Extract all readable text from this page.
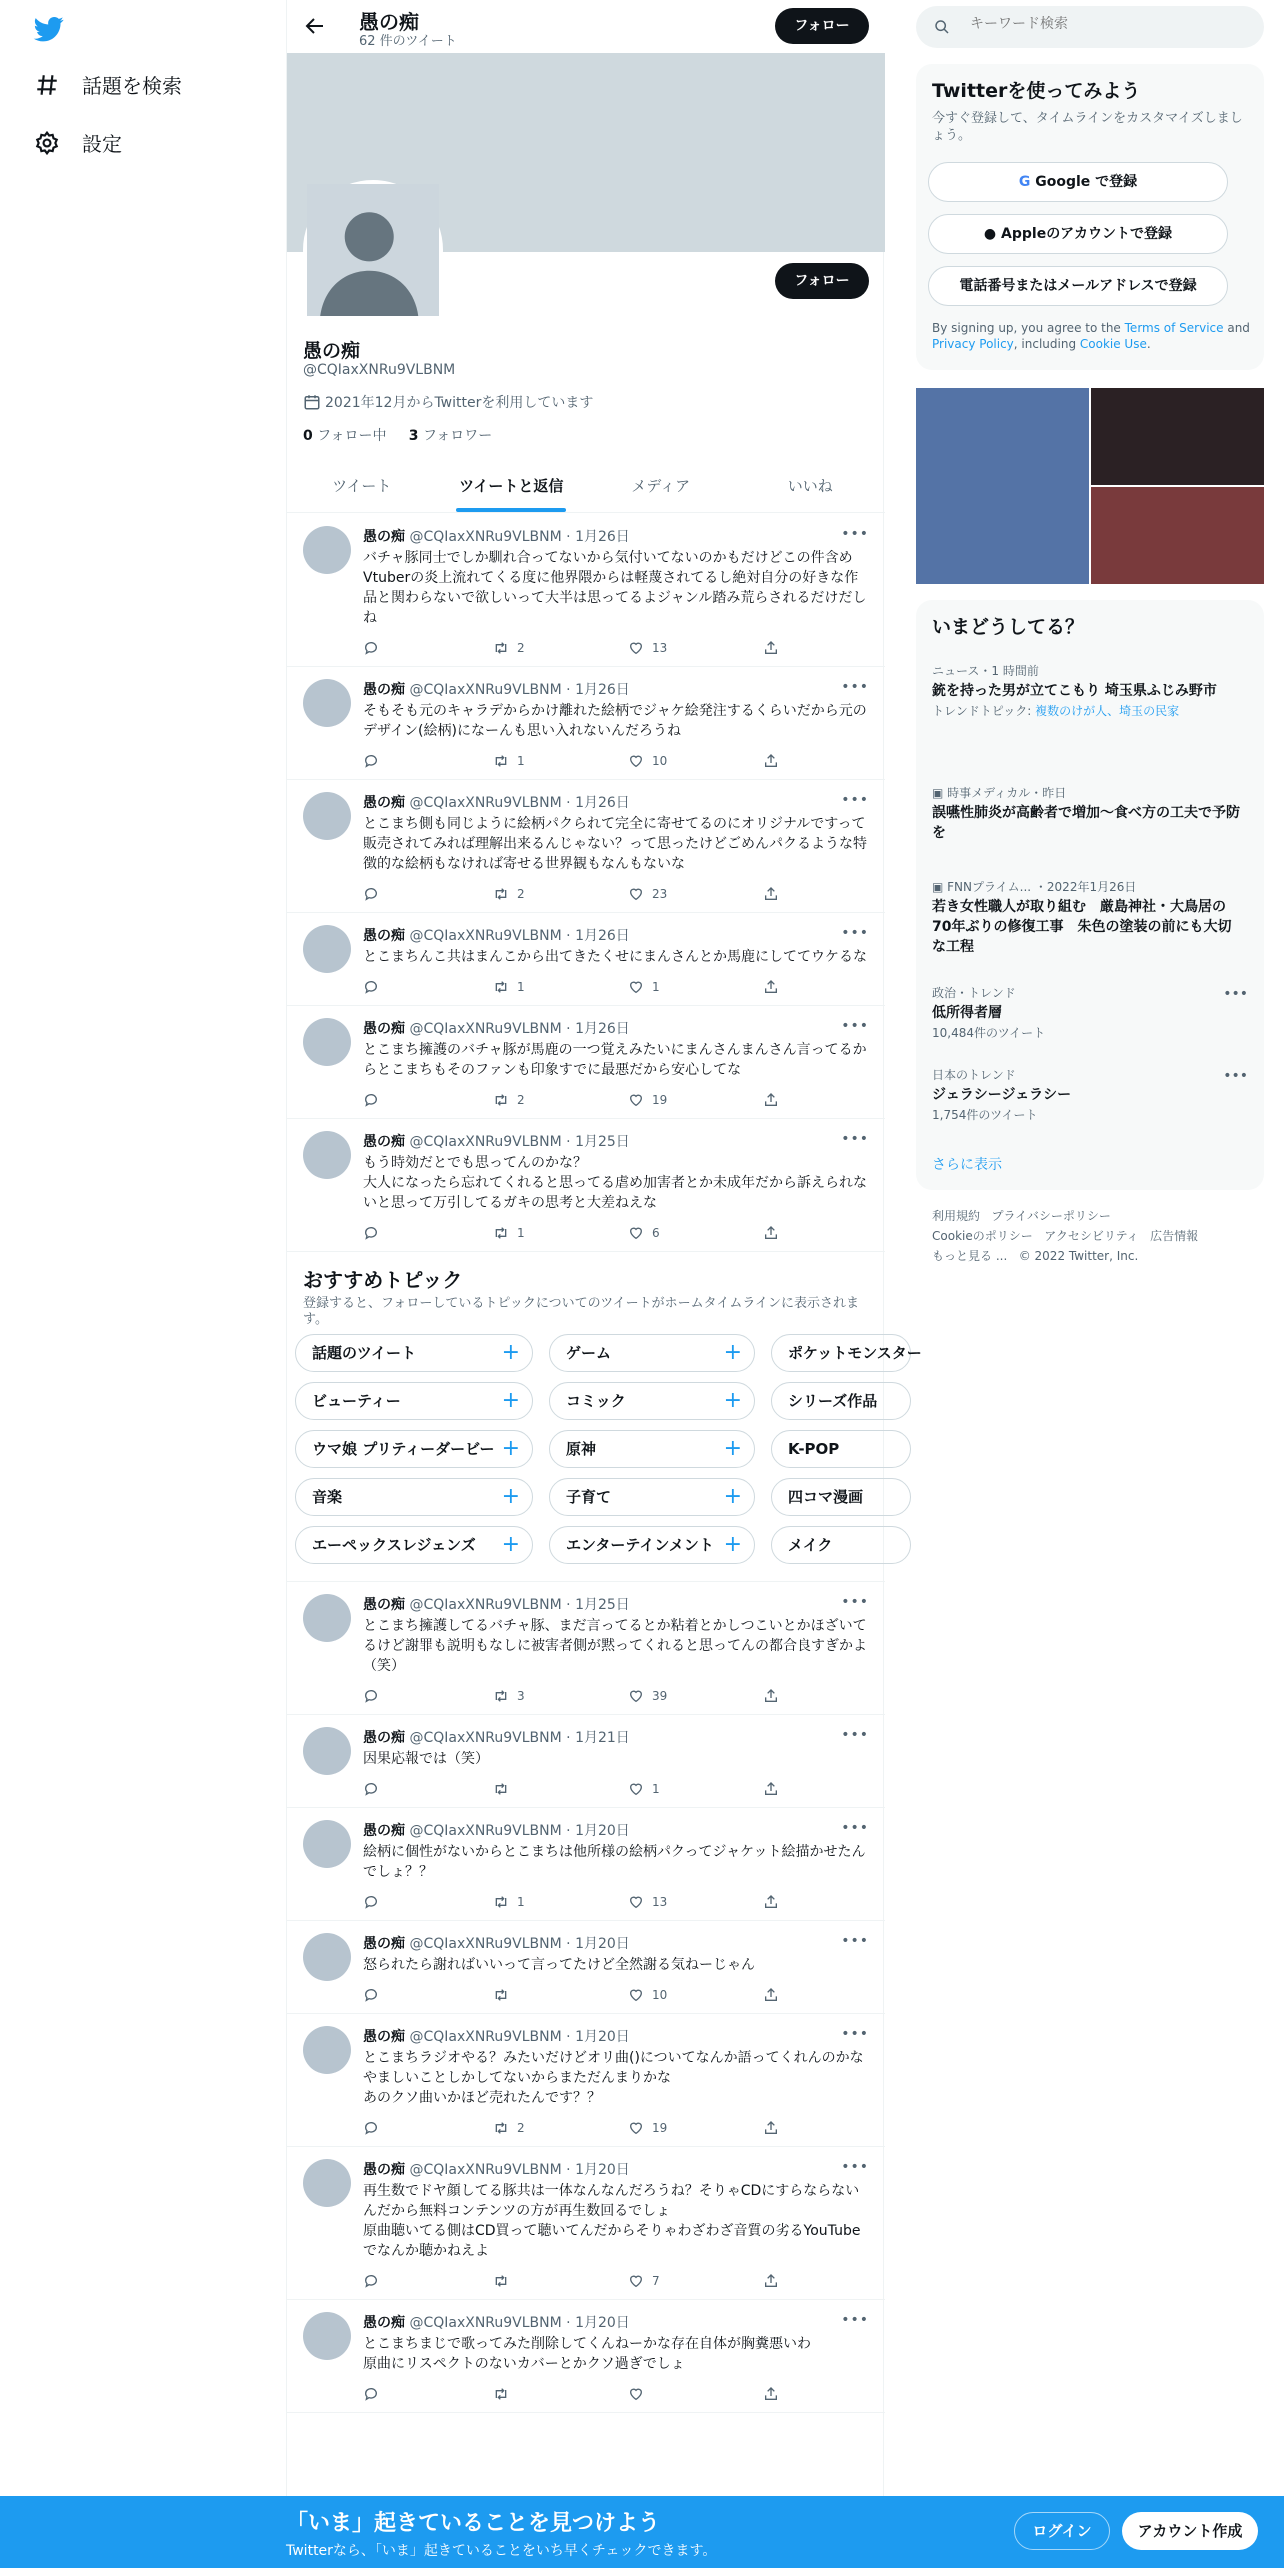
話題を検索
設定
愚の痴
62 件のツイート
フォロー
フォロー
愚の痴
@CQIaxXNRu9VLBNM
2021年12月からTwitterを利用しています
0 フォロー中 3 フォロワー
ツイート	ツイートと返信	メディア	いいね
•••
愚の痴 @CQIaxXNRu9VLBNM · 1月26日
バチャ豚同士でしか馴れ合ってないから気付いてないのかもだけどこの件含めVtuberの炎上流れてくる度に他界隈からは軽蔑されてるし絶対自分の好きな作品と関わらないで欲しいって大半は思ってるよジャンル踏み荒らされるだけだしね
2	13
•••
愚の痴 @CQIaxXNRu9VLBNM · 1月26日
そもそも元のキャラデからかけ離れた絵柄でジャケ絵発注するくらいだから元のデザイン(絵柄)になーんも思い入れないんだろうね
1	10
•••
愚の痴 @CQIaxXNRu9VLBNM · 1月26日
とこまち側も同じように絵柄パクられて完全に寄せてるのにオリジナルですって販売されてみれば理解出来るんじゃない？って思ったけどごめんパクるような特徴的な絵柄もなければ寄せる世界観もなんもないな
2	23
•••
愚の痴 @CQIaxXNRu9VLBNM · 1月26日
とこまちんこ共はまんこから出てきたくせにまんさんとか馬鹿にしててウケるな
1	1
•••
愚の痴 @CQIaxXNRu9VLBNM · 1月26日
とこまち擁護のバチャ豚が馬鹿の一つ覚えみたいにまんさんまんさん言ってるからとこまちもそのファンも印象すでに最悪だから安心してな
2	19
•••
愚の痴 @CQIaxXNRu9VLBNM · 1月25日
もう時効だとでも思ってんのかな？
大人になったら忘れてくれると思ってる虐め加害者とか未成年だから訴えられないと思って万引してるガキの思考と大差ねえな
1	6
おすすめトピック
登録すると、フォローしているトピックについてのツイートがホームタイムラインに表示されます。
話題のツイート	+	ゲーム	+	ポケットモンスター
ビューティー	+	コミック	+	シリーズ作品
ウマ娘 プリティーダービー +	原神	+	K-POP
音楽	+	子育て	+	四コマ漫画
エーペックスレジェンズ +	エンターテインメント +	メイク
•••
愚の痴 @CQIaxXNRu9VLBNM · 1月25日
とこまち擁護してるバチャ豚、まだ言ってるとか粘着とかしつこいとかほざいてるけど謝罪も説明もなしに被害者側が黙ってくれると思ってんの都合良すぎかよ（笑）
3	39
•••
愚の痴 @CQIaxXNRu9VLBNM · 1月21日
因果応報では（笑）
1
•••
愚の痴 @CQIaxXNRu9VLBNM · 1月20日
絵柄に個性がないからとこまちは他所様の絵柄パクってジャケット絵描かせたんでしょ？？
1	13
•••
愚の痴 @CQIaxXNRu9VLBNM · 1月20日
怒られたら謝ればいいって言ってたけど全然謝る気ねーじゃん
10
•••
愚の痴 @CQIaxXNRu9VLBNM · 1月20日
とこまちラジオやる？みたいだけどオリ曲()についてなんか語ってくれんのかな
やましいことしかしてないからまただんまりかな
あのクソ曲いかほど売れたんです？？
2	19
•••
愚の痴 @CQIaxXNRu9VLBNM · 1月20日
再生数でドヤ顔してる豚共は一体なんなんだろうね？そりゃCDにすらならないんだから無料コンテンツの方が再生数回るでしょ
原曲聴いてる側はCD買って聴いてんだからそりゃわざわざ音質の劣るYouTubeでなんか聴かねえよ
7
•••
愚の痴 @CQIaxXNRu9VLBNM · 1月20日
とこまちまじで歌ってみた削除してくんねーかな存在自体が胸糞悪いわ
原曲にリスペクトのないカバーとかクソ過ぎでしょ
キーワード検索
Twitterを使ってみよう
今すぐ登録して、タイムラインをカスタマイズしましょう。
G Google で登録
● Appleのアカウントで登録
電話番号またはメールアドレスで登録
By signing up, you agree to the Terms of Service and Privacy Policy, including Cookie Use.
いまどうしてる？
ニュース・1 時間前
銃を持った男が立てこもり 埼玉県ふじみ野市
トレンドトピック: 複数のけが人、埼玉の民家
▣ 時事メディカル・昨日
誤嚥性肺炎が高齢者で増加～食べ方の工夫で予防を
▣ FNNプライム... ・2022年1月26日
若き女性職人が取り組む　厳島神社・大鳥居の70年ぶりの修復工事　朱色の塗装の前にも大切な工程
政治・トレンド
低所得者層
10,484件のツイート
•••
日本のトレンド
ジェラシージェラシー
1,754件のツイート
•••
さらに表示
利用規約 プライバシーポリシー
Cookieのポリシー アクセシビリティ 広告情報
もっと見る ... © 2022 Twitter, Inc.
「いま」起きていることを見つけよう
Twitterなら、「いま」起きていることをいち早くチェックできます。
ログイン	アカウント作成
